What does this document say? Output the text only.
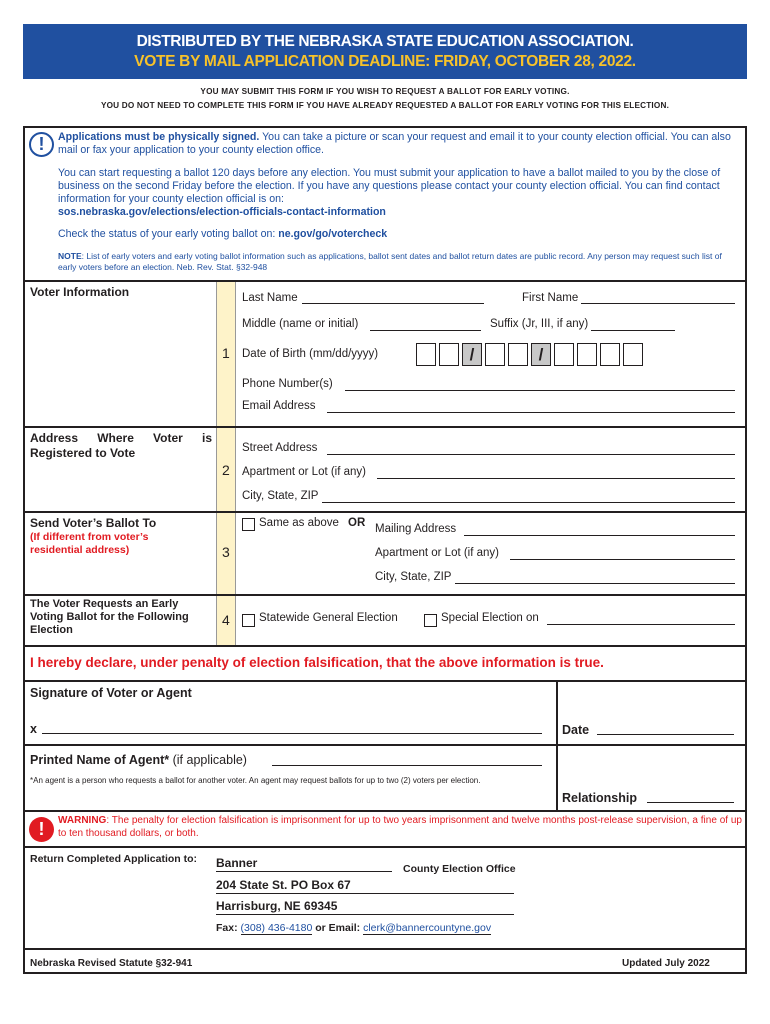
DISTRIBUTED BY THE NEBRASKA STATE EDUCATION ASSOCIATION.
VOTE BY MAIL APPLICATION DEADLINE: FRIDAY, OCTOBER 28, 2022.
YOU MAY SUBMIT THIS FORM IF YOU WISH TO REQUEST A BALLOT FOR EARLY VOTING.
YOU DO NOT NEED TO COMPLETE THIS FORM IF YOU HAVE ALREADY REQUESTED A BALLOT FOR EARLY VOTING FOR THIS ELECTION.
!	Applications must be physically signed. You can take a picture or scan your request and email it to your county election official. You can also mail or fax your application to your county election office.
You can start requesting a ballot 120 days before any election. You must submit your application to have a ballot mailed to you by the close of business on the second Friday before the election. If you have any questions please contact your county election official. You can find contact information for your county election official is on:
sos.nebraska.gov/elections/election-officials-contact-information
Check the status of your early voting ballot on: ne.gov/go/votercheck
NOTE: List of early voters and early voting ballot information such as applications, ballot sent dates and ballot return dates are public record. Any person may request such list of early voters before an election. Neb. Rev. Stat. §32-948
Voter Information
1
Last Name	First Name
Middle (name or initial)	Suffix (Jr, III, if any)
Date of Birth (mm/dd/yyyy)	/	/
Phone Number(s)
Email Address
Address Where Voter is Registered to Vote
2
Street Address
Apartment or Lot (if any)
City, State, ZIP
Send Voter’s Ballot To
(If different from voter’s residential address)	3
Same as above OR Mailing Address
Apartment or Lot (if any)
City, State, ZIP
The Voter Requests an Early Voting Ballot for the Following Election
4	Statewide General Election	Special Election on
I hereby declare, under penalty of election falsification, that the above information is true.
Signature of Voter or Agent
x	Date
Printed Name of Agent* (if applicable)
*An agent is a person who requests a ballot for another voter. An agent may request ballots for up to two (2) voters per election.
Relationship
!	WARNING: The penalty for election falsification is imprisonment for up to two years imprisonment and twelve months post-release supervision, a fine of up to ten thousand dollars, or both.
Return Completed Application to: Banner	County Election Office
204 State St. PO Box 67
Harrisburg, NE 69345
Fax: (308) 436-4180 or Email: clerk@bannercountyne.gov
Nebraska Revised Statute §32-941	Updated July 2022
